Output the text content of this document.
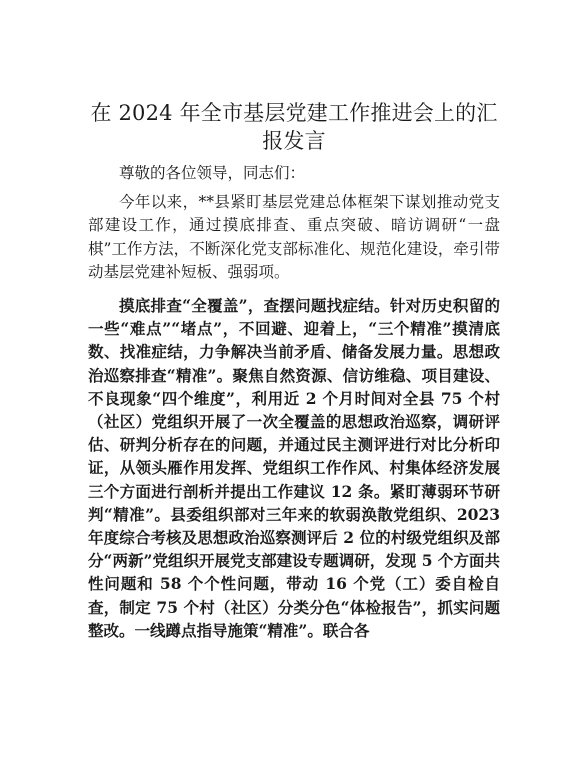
在 2024 年全市基层党建工作推进会上的汇报发言

尊敬的各位领导，同志们：

今年以来，**县紧盯基层党建总体框架下谋划推动党支部建设工作，通过摸底排查、重点突破、暗访调研“一盘棋”工作方法，不断深化党支部标准化、规范化建设，牵引带动基层党建补短板、强弱项。

摸底排查“全覆盖”，查摆问题找症结。针对历史积留的一些“难点”“堵点”，不回避、迎着上，“三个精准”摸清底数、找准症结，力争解决当前矛盾、储备发展力量。思想政治巡察排查“精准”。聚焦自然资源、信访维稳、项目建设、不良现象“四个维度”，利用近 2 个月时间对全县 75 个村（社区）党组织开展了一次全覆盖的思想政治巡察，调研评估、研判分析存在的问题，并通过民主测评进行对比分析印证，从领头雁作用发挥、党组织工作作风、村集体经济发展三个方面进行剖析并提出工作建议 12 条。紧盯薄弱环节研判“精准”。县委组织部对三年来的软弱涣散党组织、2023 年度综合考核及思想政治巡察测评后 2 位的村级党组织及部分“两新”党组织开展党支部建设专题调研，发现 5 个方面共性问题和 58 个个性问题，带动 16 个党（工）委自检自查，制定 75 个村（社区）分类分色“体检报告”，抓实问题整改。一线蹲点指导施策“精准”。联合各
